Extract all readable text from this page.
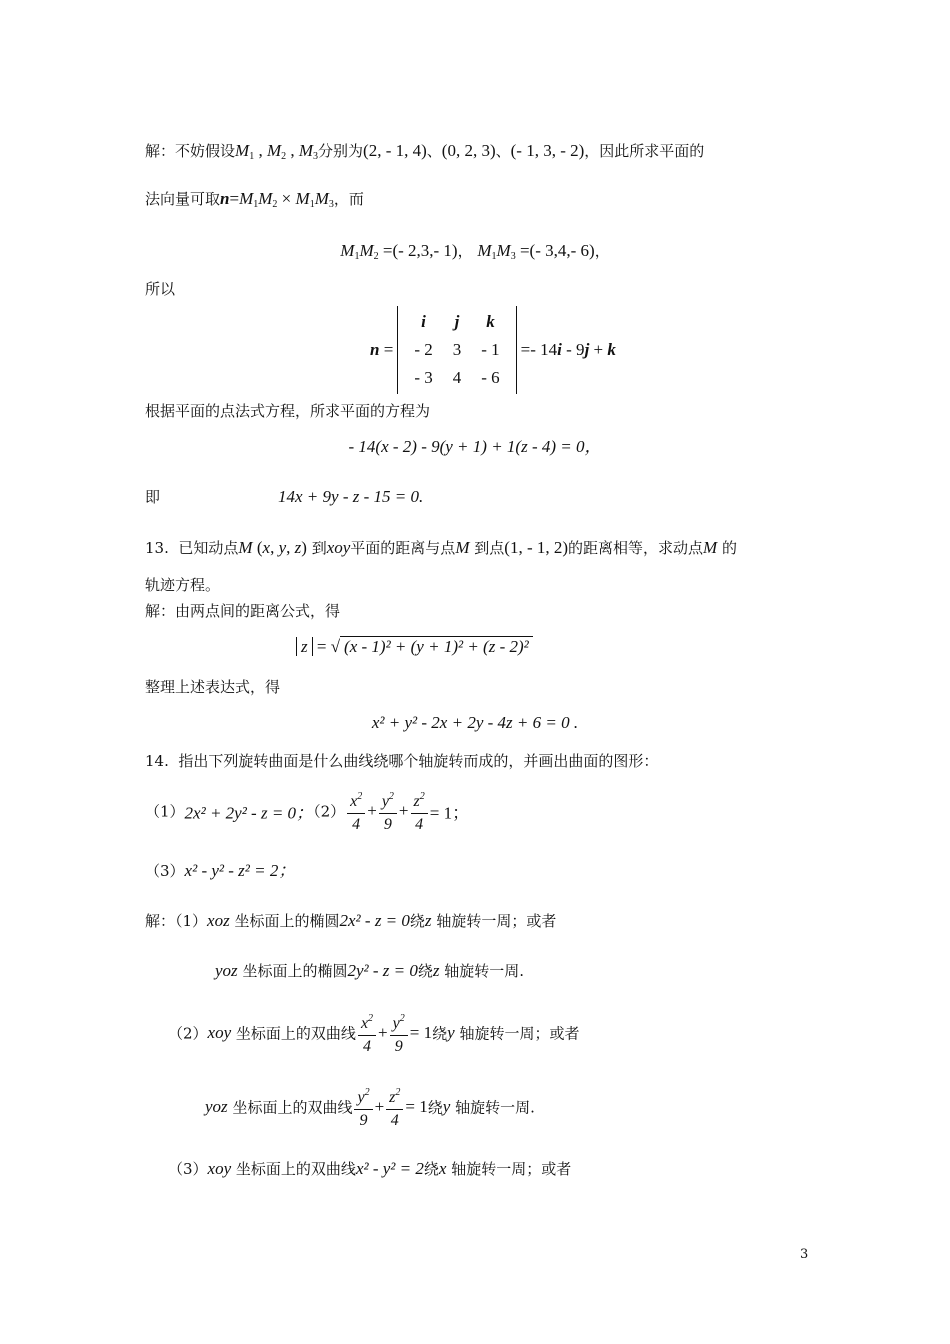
解：不妨假设$M_1$ , $M_2$ , $M_3$分别为(2, - 1, 4)、(0, 2, 3)、(- 1, 3, - 2)，因此所求平面的
法向量可取$n=M_1M_2 \times M_1M_3$，而
$M_1M_2$ =(- 2,3,- 1)， $M_1M_3$ =(- 3,4,- 6)，
所以
n =
i	j	k
- 2	3	- 1
- 3	4	- 6
=- 14i - 9j + k
根据平面的点法式方程，所求平面的方程为
- 14(x - 2) - 9(y + 1) + 1(z - 4) = 0，
即	14x + 9y - z - 15 = 0.
13. 已知动点M (x, y, z) 到xoy平面的距离与点M 到点(1, - 1, 2)的距离相等，求动点M 的
轨迹方程。
解：由两点间的距离公式，得
z = √ (x - 1)² + (y + 1)² + (z - 2)²
整理上述表达式，得
x² + y² - 2x + 2y - 4z + 6 = 0 .
14. 指出下列旋转曲面是什么曲线绕哪个轴旋转而成的，并画出曲面的图形：
（1）2x² + 2y² - z = 0；$(2) \frac{x^2}{4} + \frac{y^2}{9} + \frac{z^2}{4} = 1$；
（3）x² - y² - z² = 2；
解：（1）xoz 坐标面上的椭圆2x² - z = 0绕z 轴旋转一周；或者
yoz 坐标面上的椭圆2y² - z = 0绕z 轴旋转一周.
（2）xoy 坐标面上的双曲线 $\frac{x^2}{4} + \frac{y^2}{9} = 1$绕y 轴旋转一周；或者
yoz 坐标面上的双曲线 $\frac{y^2}{9} + \frac{z^2}{4} = 1$绕y 轴旋转一周.
（3）xoy 坐标面上的双曲线x² - y² = 2绕x 轴旋转一周；或者
3
